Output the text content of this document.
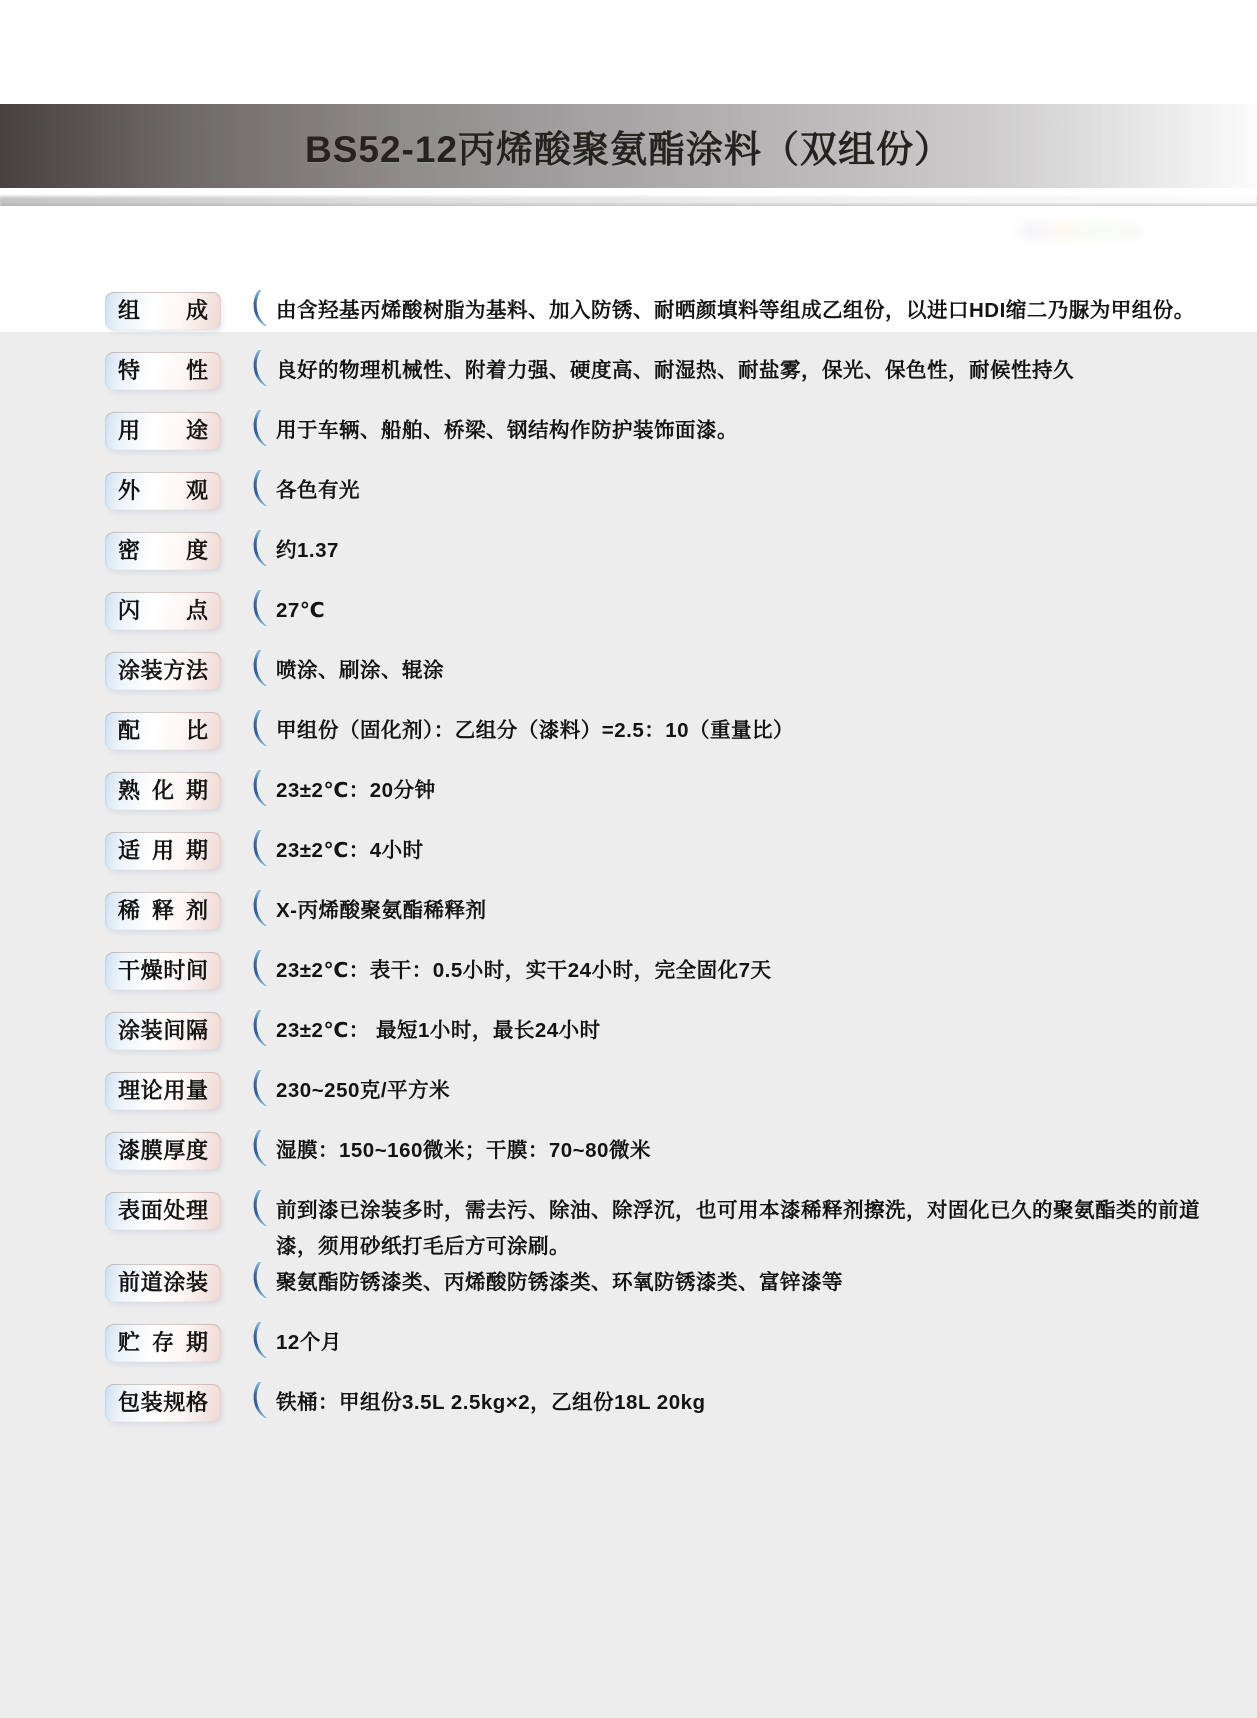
BS52-12丙烯酸聚氨酯涂料（双组份）
组成 （ 由含羟基丙烯酸树脂为基料、加入防锈、耐晒颜填料等组成乙组份，以进口HDI缩二乃脲为甲组份。
特性 （ 良好的物理机械性、附着力强、硬度高、耐湿热、耐盐雾，保光、保色性，耐候性持久
用途 （ 用于车辆、船舶、桥梁、钢结构作防护装饰面漆。
外观 （ 各色有光
密度 （ 约1.37
闪点 （ 27℃
涂装方法 （ 喷涂、刷涂、辊涂
配比 （ 甲组份（固化剂）：乙组分（漆料）=2.5：10（重量比）
熟化期 （ 23±2℃：20分钟
适用期 （ 23±2℃：4小时
稀释剂 （ X-丙烯酸聚氨酯稀释剂
干燥时间 （ 23±2℃：表干：0.5小时，实干24小时，完全固化7天
涂装间隔 （ 23±2℃： 最短1小时，最长24小时
理论用量 （ 230~250克/平方米
漆膜厚度 （ 湿膜：150~160微米；干膜：70~80微米
表面处理 （ 前到漆已涂装多时，需去污、除油、除浮沉，也可用本漆稀释剂擦洗，对固化已久的聚氨酯类的前道漆，须用砂纸打毛后方可涂刷。
前道涂装 （ 聚氨酯防锈漆类、丙烯酸防锈漆类、环氧防锈漆类、富锌漆等
贮存期 （ 12个月
包装规格 （ 铁桶：甲组份3.5L 2.5kg×2，乙组份18L 20kg
